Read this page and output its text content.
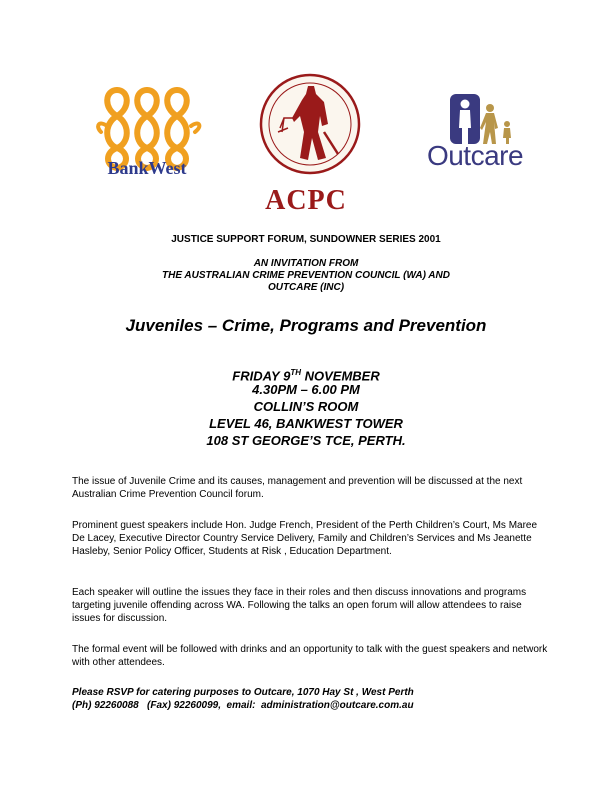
BankWest
ACPC
Outcare
JUSTICE SUPPORT FORUM, SUNDOWNER SERIES 2001
AN INVITATION FROM
THE AUSTRALIAN CRIME PREVENTION COUNCIL (WA) AND
OUTCARE (INC)
Juveniles – Crime, Programs and Prevention
FRIDAY 9TH NOVEMBER
4.30PM – 6.00 PM
COLLIN’S ROOM
LEVEL 46, BANKWEST TOWER
108 ST GEORGE’S TCE, PERTH.
The issue of Juvenile Crime and its causes, management and prevention will be discussed at the next Australian Crime Prevention Council forum.
Prominent guest speakers include Hon. Judge French, President of the Perth Children’s Court, Ms Maree De Lacey, Executive Director Country Service Delivery, Family and Children’s Services and Ms Jeanette Hasleby, Senior Policy Officer, Students at Risk , Education Department.
Each speaker will outline the issues they face in their roles and then discuss innovations and programs targeting juvenile offending across WA. Following the talks an open forum will allow attendees to raise issues for discussion.
The formal event will be followed with drinks and an opportunity to talk with the guest speakers and network with other attendees.
Please RSVP for catering purposes to Outcare, 1070 Hay St , West Perth
(Ph) 92260088   (Fax) 92260099,  email:  administration@outcare.com.au
